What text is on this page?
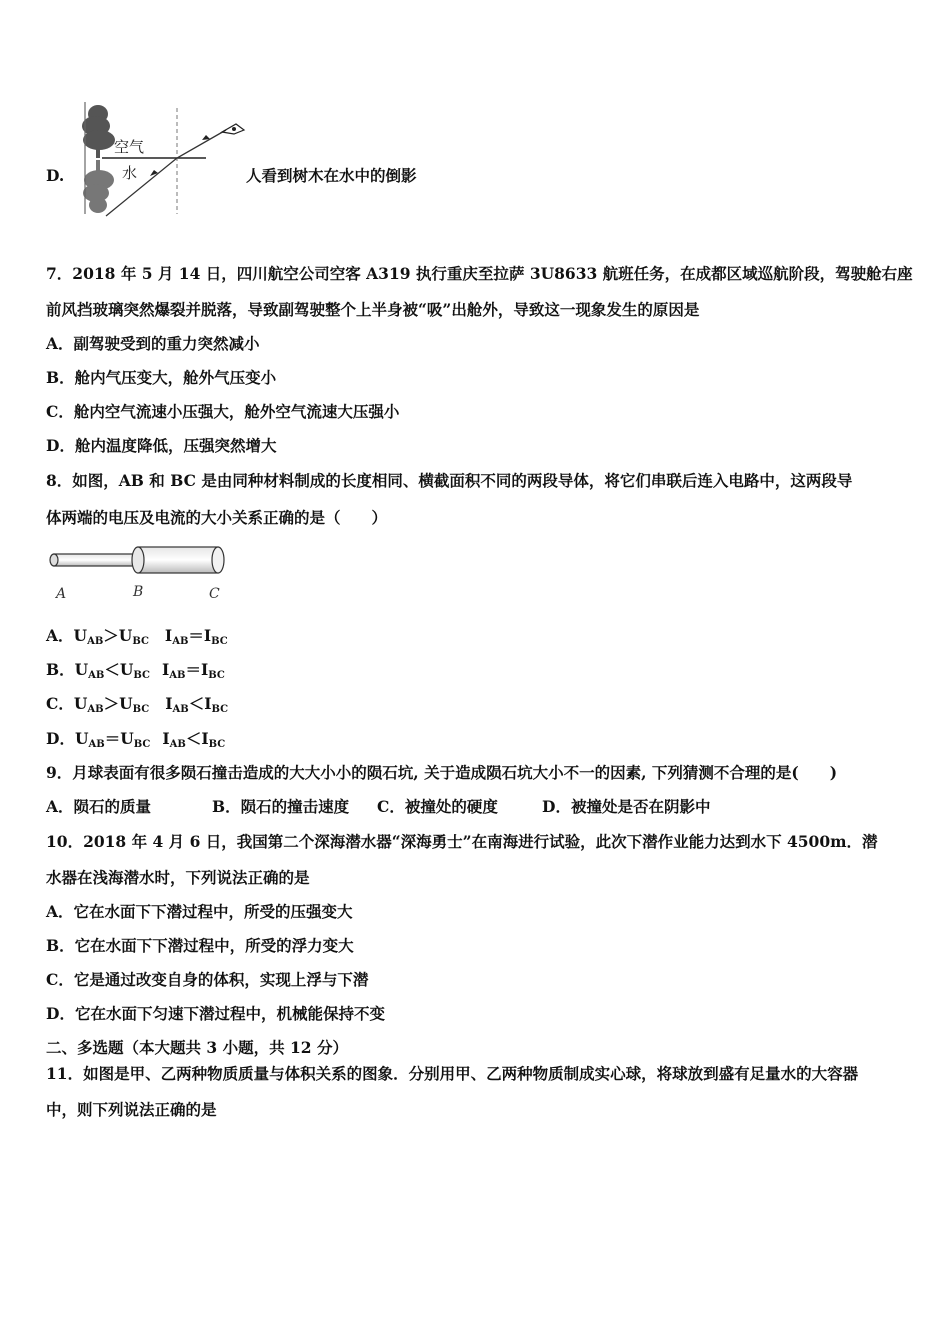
D.
空气
水	人看到树木在水中的倒影
7．2018 年 5 月 14 日，四川航空公司空客 A319 执行重庆至拉萨 3U8633 航班任务，在成都区域巡航阶段，驾驶舱右座
前风挡玻璃突然爆裂并脱落，导致副驾驶整个上半身被“吸”出舱外，导致这一现象发生的原因是
A．副驾驶受到的重力突然减小
B．舱内气压变大，舱外气压变小
C．舱内空气流速小压强大，舱外空气流速大压强小
D．舱内温度降低，压强突然增大
8．如图，AB 和 BC 是由同种材料制成的长度相同、横截面积不同的两段导体，将它们串联后连入电路中，这两段导
体两端的电压及电流的大小关系正确的是（　　）
A	B	C
A．$U_{AB}>U_{BC}$ $I_{AB}=I_{BC}$
B．$U_{AB}<U_{BC}$ $I_{AB}=I_{BC}$
C．$U_{AB}>U_{BC}$ $I_{AB}<I_{BC}$
D．$U_{AB}=U_{BC}$ $I_{AB}<I_{BC}$
9．月球表面有很多陨石撞击造成的大大小小的陨石坑, 关于造成陨石坑大小不一的因素, 下列猜测不合理的是(　　)
A．陨石的质量	B．陨石的撞击速度 C．被撞处的硬度	D．被撞处是否在阴影中
10．2018 年 4 月 6 日，我国第二个深海潜水器“深海勇士”在南海进行试验，此次下潜作业能力达到水下 4500m．潜
水器在浅海潜水时，下列说法正确的是
A．它在水面下下潜过程中，所受的压强变大
B．它在水面下下潜过程中，所受的浮力变大
C．它是通过改变自身的体积，实现上浮与下潜
D．它在水面下匀速下潜过程中，机械能保持不变
二、多选题（本大题共 3 小题，共 12 分）
11．如图是甲、乙两种物质质量与体积关系的图象．分别用甲、乙两种物质制成实心球，将球放到盛有足量水的大容器
中，则下列说法正确的是
